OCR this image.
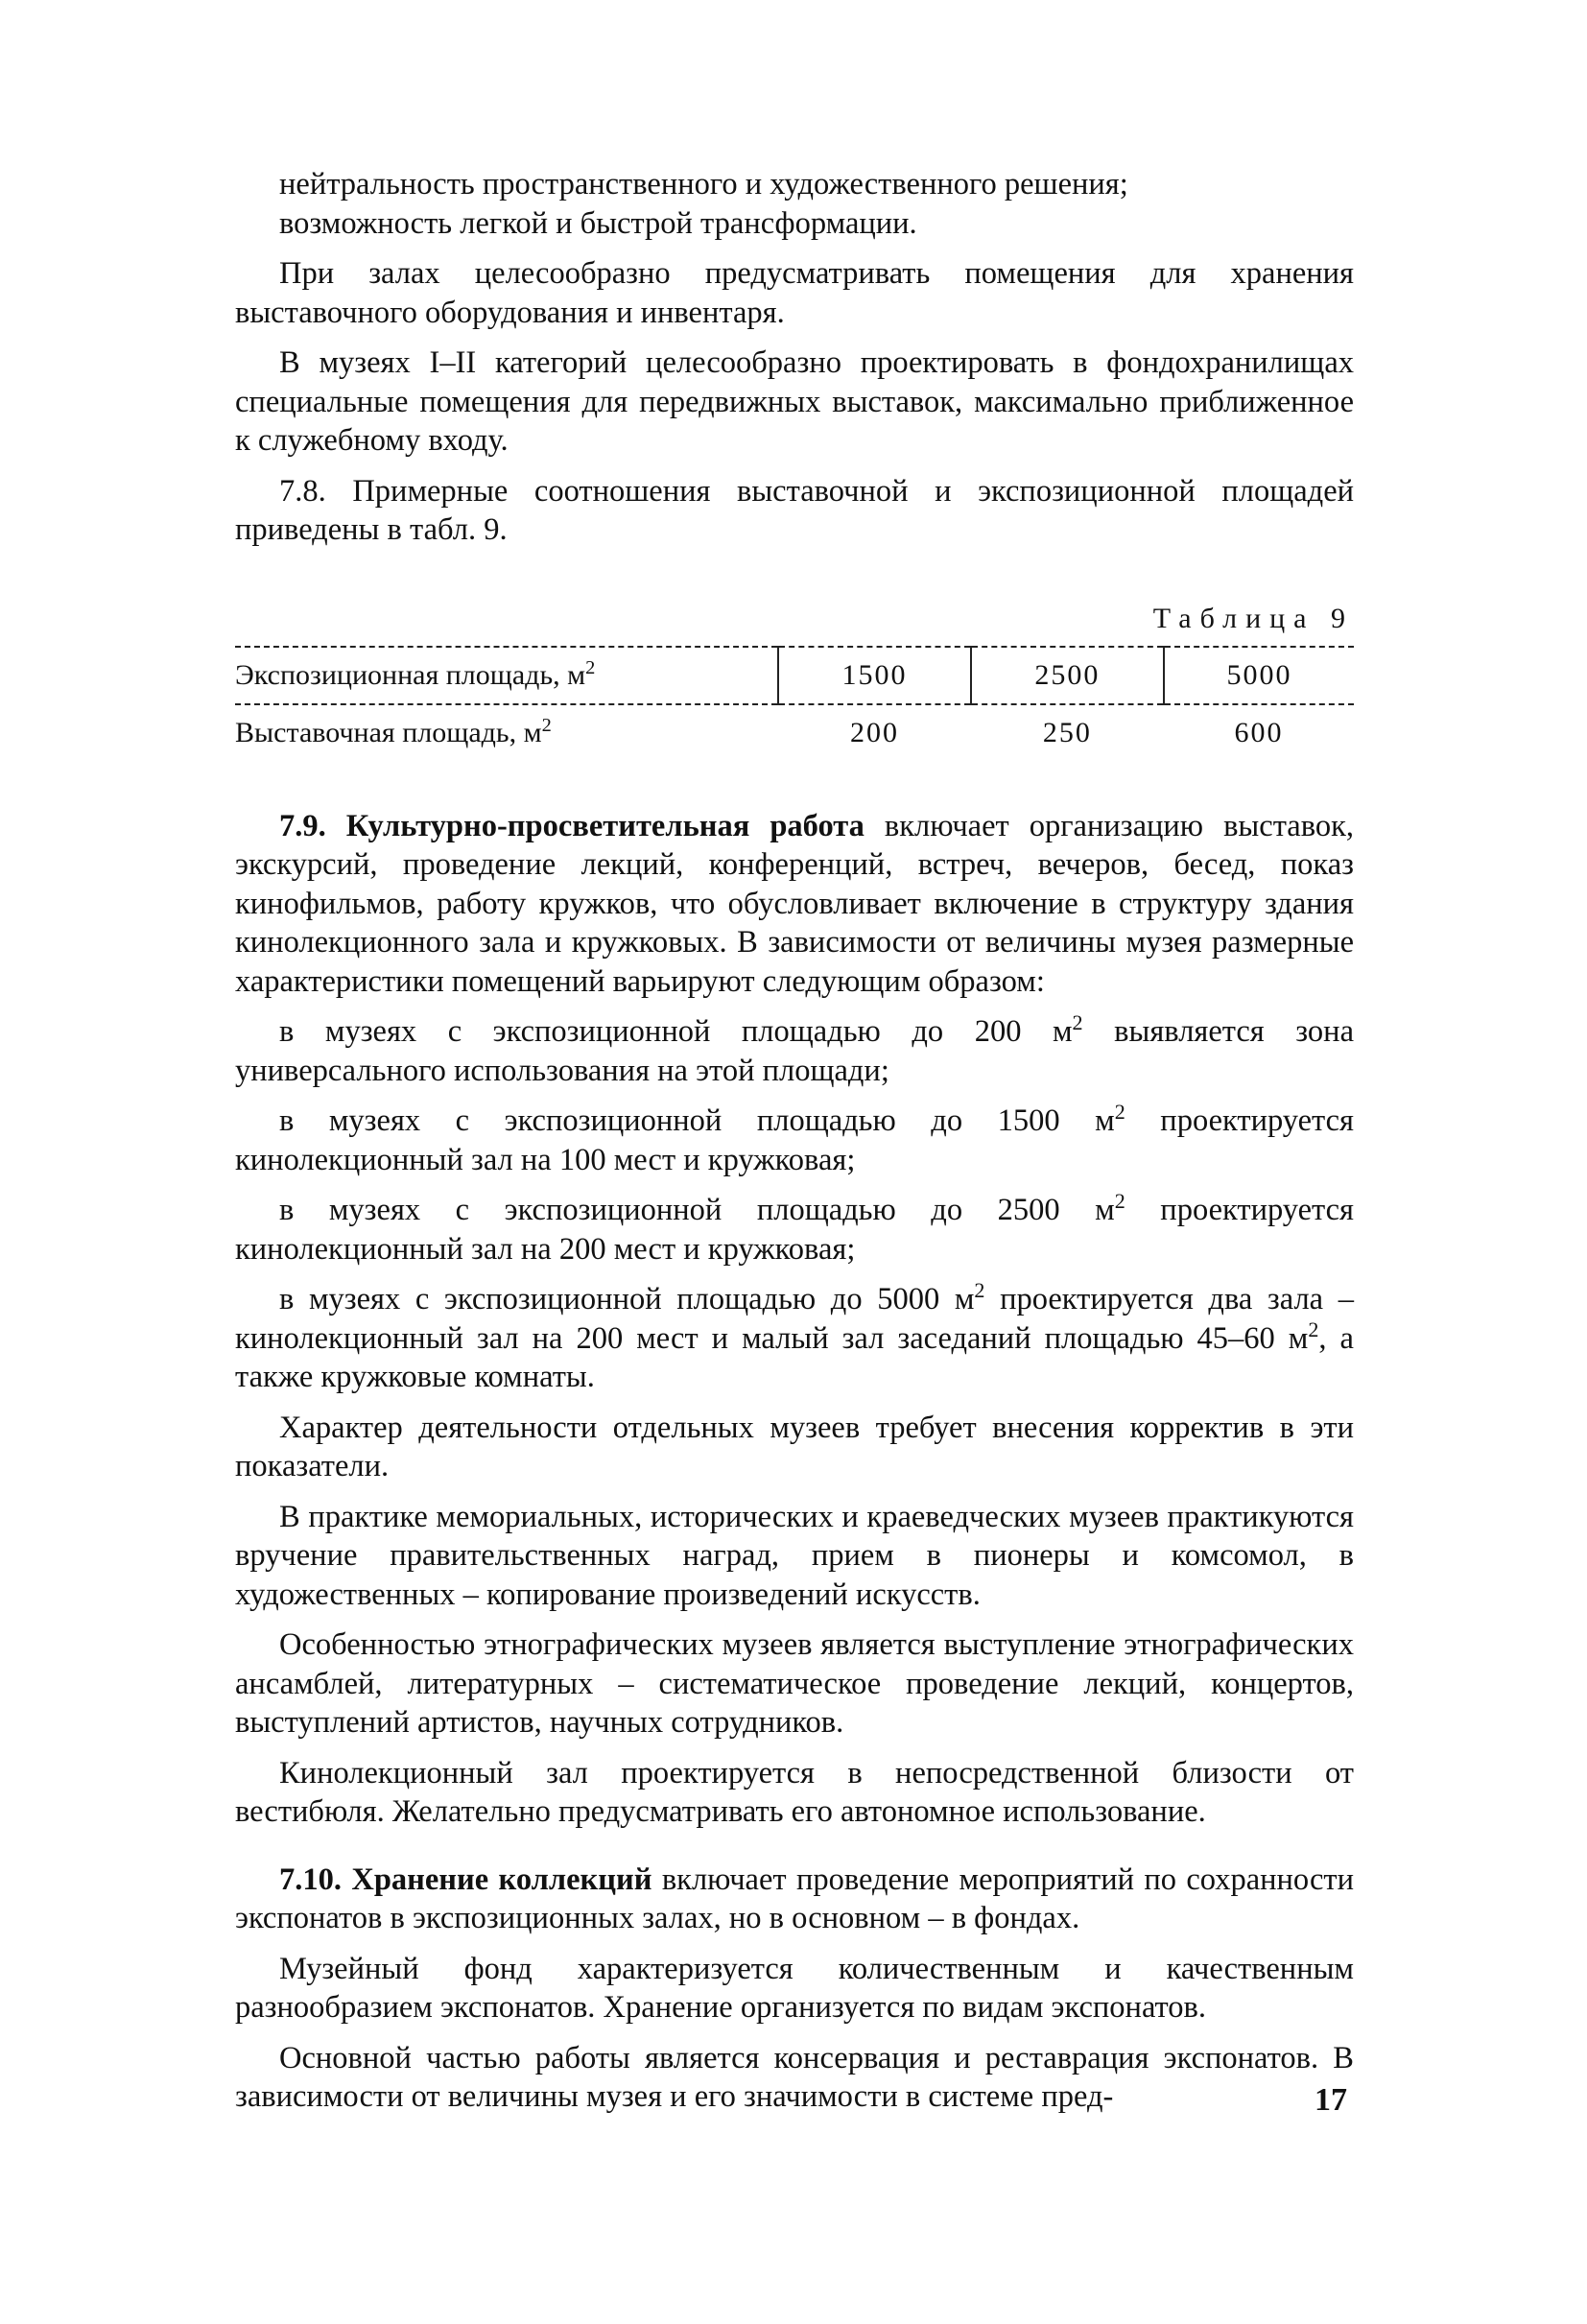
нейтральность пространственного и художественного решения;

возможность легкой и быстрой трансформации.

При залах целесообразно предусматривать помещения для хранения выставочного оборудования и инвентаря.

В музеях I–II категорий целесообразно проектировать в фондохранилищах специальные помещения для передвижных выставок, максимально приближенное к служебному входу.

7.8. Примерные соотношения выставочной и экспозиционной площадей приведены в табл. 9.

Таблица 9
Экспозиционная площадь, $м^2$	1500	2500	5000
Выставочная площадь, $м^2$	200	250	600

7.9. Культурно-просветительная работа включает организацию выставок, экскурсий, проведение лекций, конференций, встреч, вечеров, бесед, показ кинофильмов, работу кружков, что обусловливает включение в структуру здания кинолекционного зала и кружковых. В зависимости от величины музея размерные характеристики помещений варьируют следующим образом:

в музеях с экспозиционной площадью до 200 $м^2$ выявляется зона универсального использования на этой площади;

в музеях с экспозиционной площадью до 1500 $м^2$ проектируется кинолекционный зал на 100 мест и кружковая;

в музеях с экспозиционной площадью до 2500 $м^2$ проектируется кинолекционный зал на 200 мест и кружковая;

в музеях с экспозиционной площадью до 5000 $м^2$ проектируется два зала – кинолекционный зал на 200 мест и малый зал заседаний площадью 45–60 $м^2$, а также кружковые комнаты.

Характер деятельности отдельных музеев требует внесения корректив в эти показатели.

В практике мемориальных, исторических и краеведческих музеев практикуются вручение правительственных наград, прием в пионеры и комсомол, в художественных – копирование произведений искусств.

Особенностью этнографических музеев является выступление этнографических ансамблей, литературных – систематическое проведение лекций, концертов, выступлений артистов, научных сотрудников.

Кинолекционный зал проектируется в непосредственной близости от вестибюля. Желательно предусматривать его автономное использование.

7.10. Хранение коллекций включает проведение мероприятий по сохранности экспонатов в экспозиционных залах, но в основном – в фондах.

Музейный фонд характеризуется количественным и качественным разнообразием экспонатов. Хранение организуется по видам экспонатов.

Основной частью работы является консервация и реставрация экспонатов. В зависимости от величины музея и его значимости в системе пред-	17
